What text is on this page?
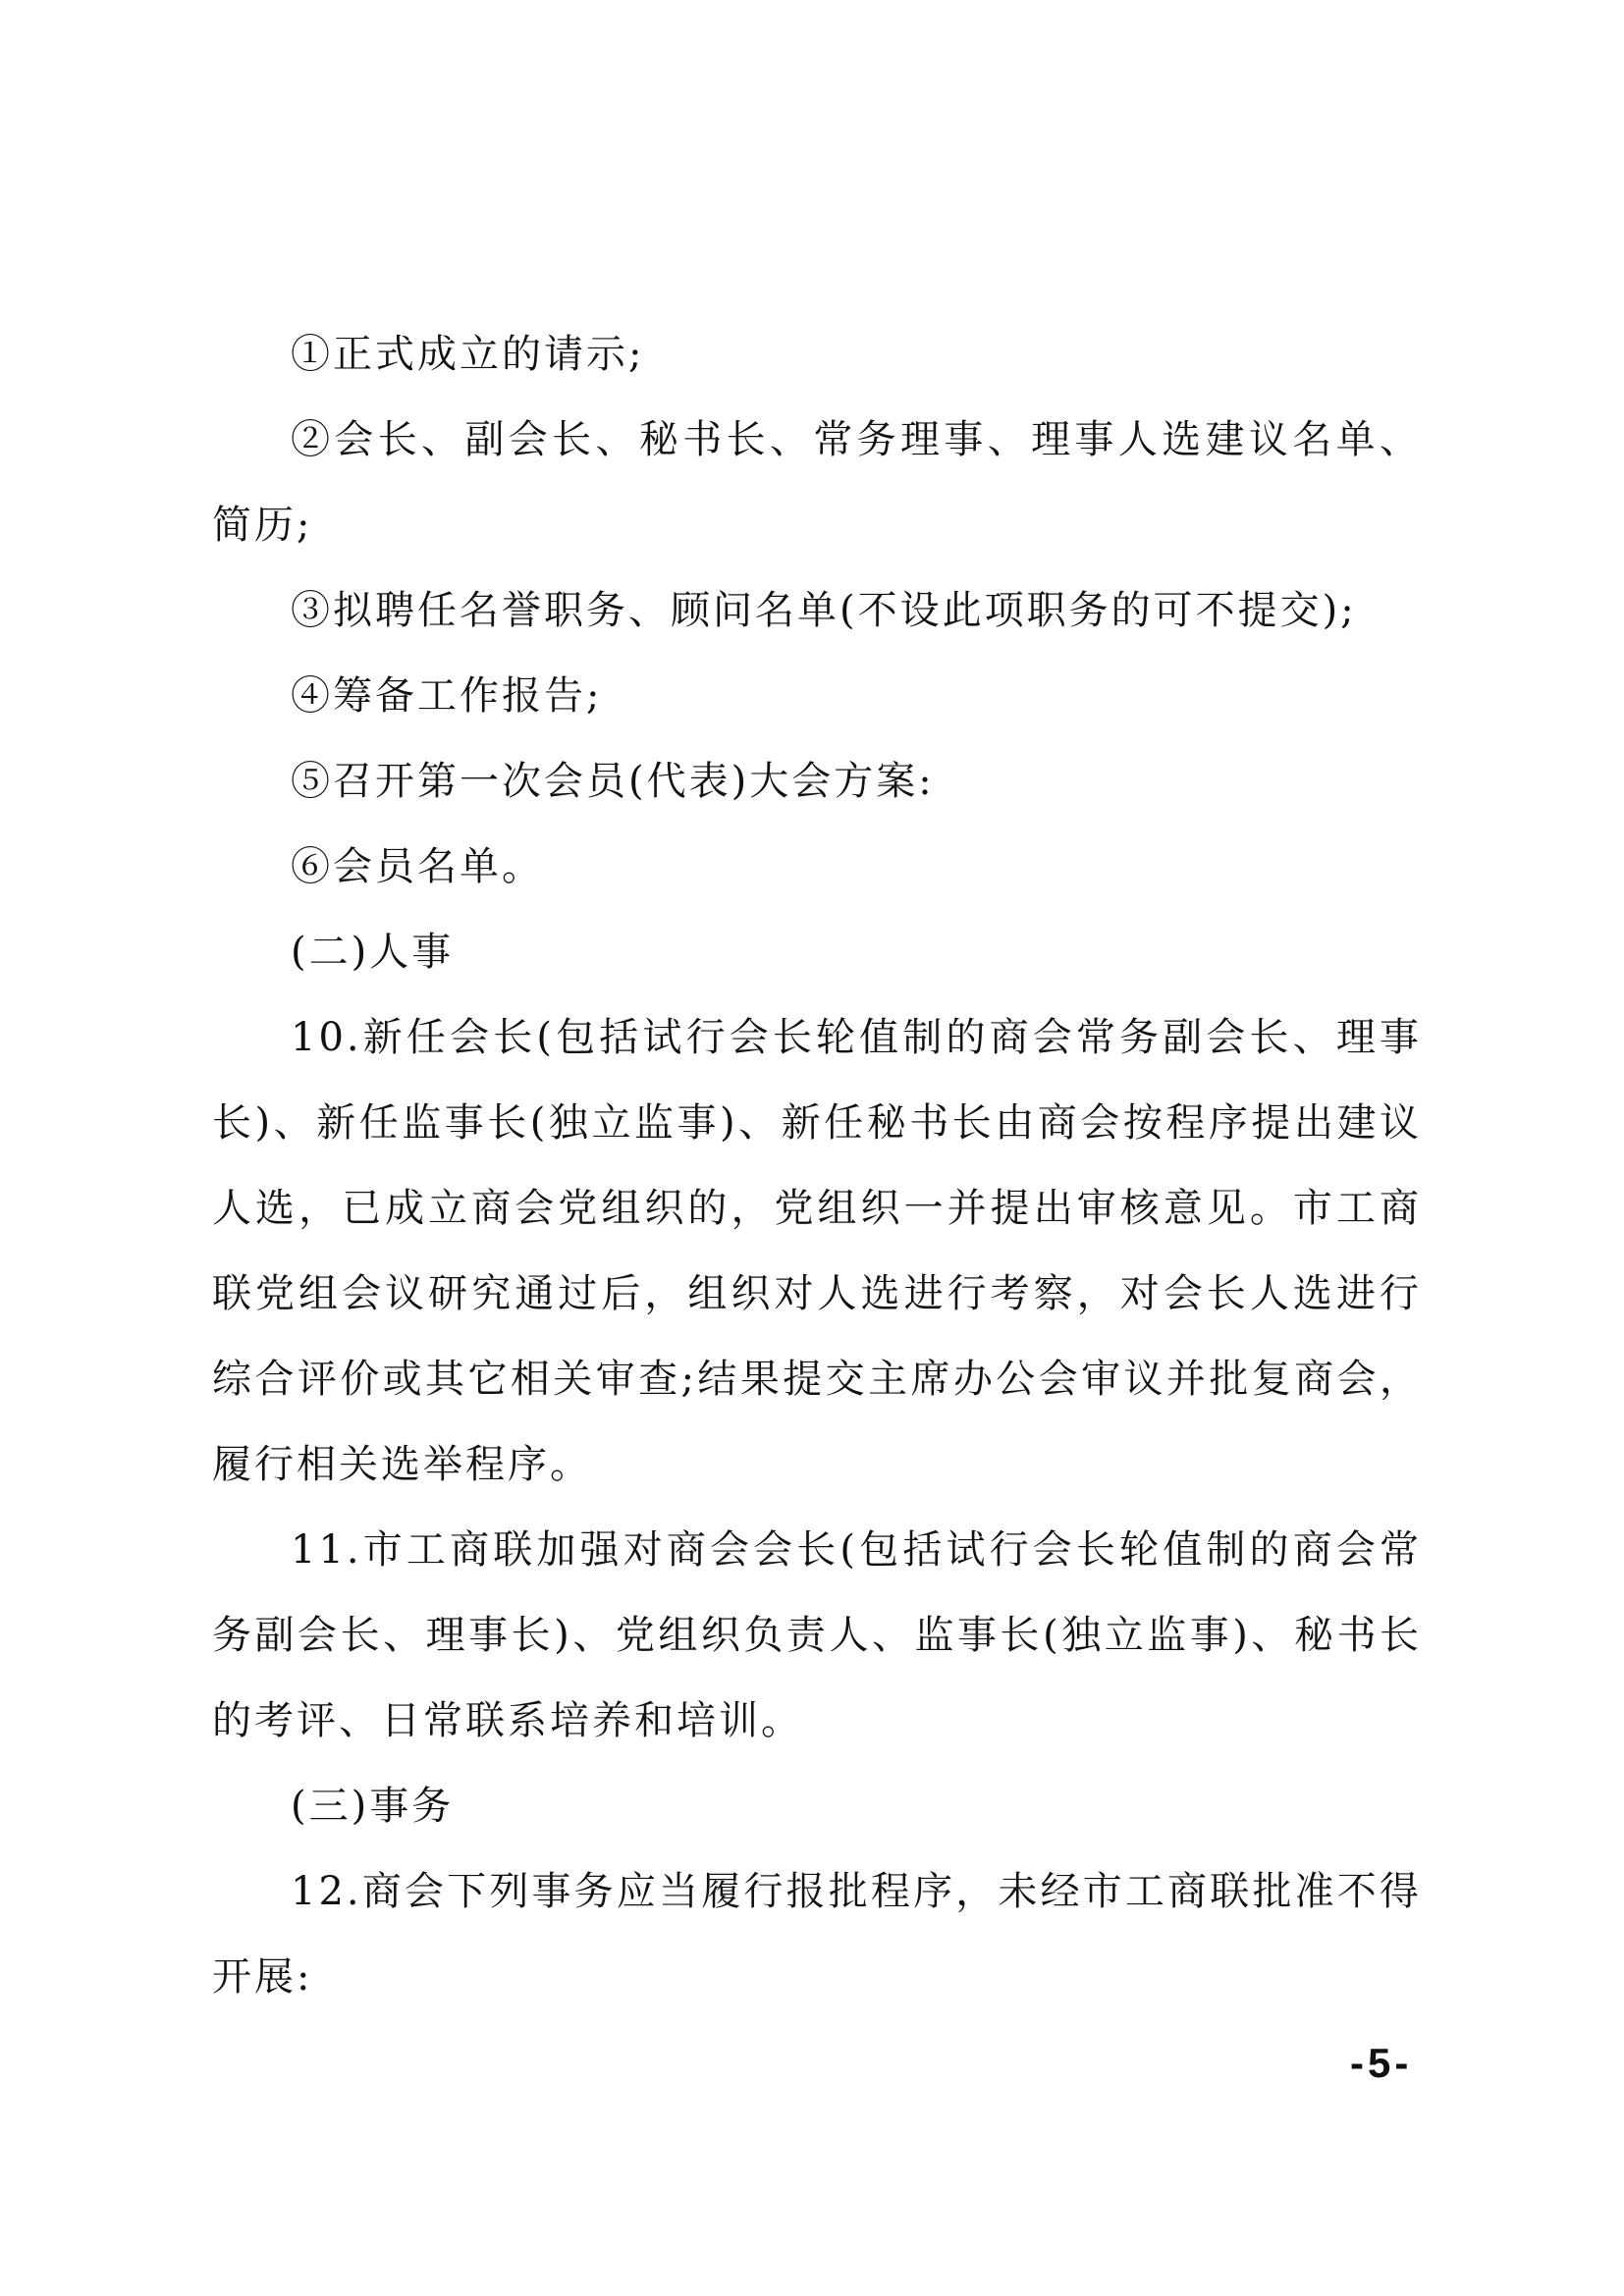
①正式成立的请示;

②会长、副会长、秘书长、常务理事、理事人选建议名单、简历;

③拟聘任名誉职务、顾问名单(不设此项职务的可不提交);

④筹备工作报告;

⑤召开第一次会员(代表)大会方案:

⑥会员名单。

(二)人事

10.新任会长(包括试行会长轮值制的商会常务副会长、理事长)、新任监事长(独立监事)、新任秘书长由商会按程序提出建议人选，已成立商会党组织的，党组织一并提出审核意见。市工商联党组会议研究通过后，组织对人选进行考察，对会长人选进行综合评价或其它相关审查;结果提交主席办公会审议并批复商会，履行相关选举程序。

11.市工商联加强对商会会长(包括试行会长轮值制的商会常务副会长、理事长)、党组织负责人、监事长(独立监事)、秘书长的考评、日常联系培养和培训。

(三)事务

12.商会下列事务应当履行报批程序，未经市工商联批准不得开展:

-5-
